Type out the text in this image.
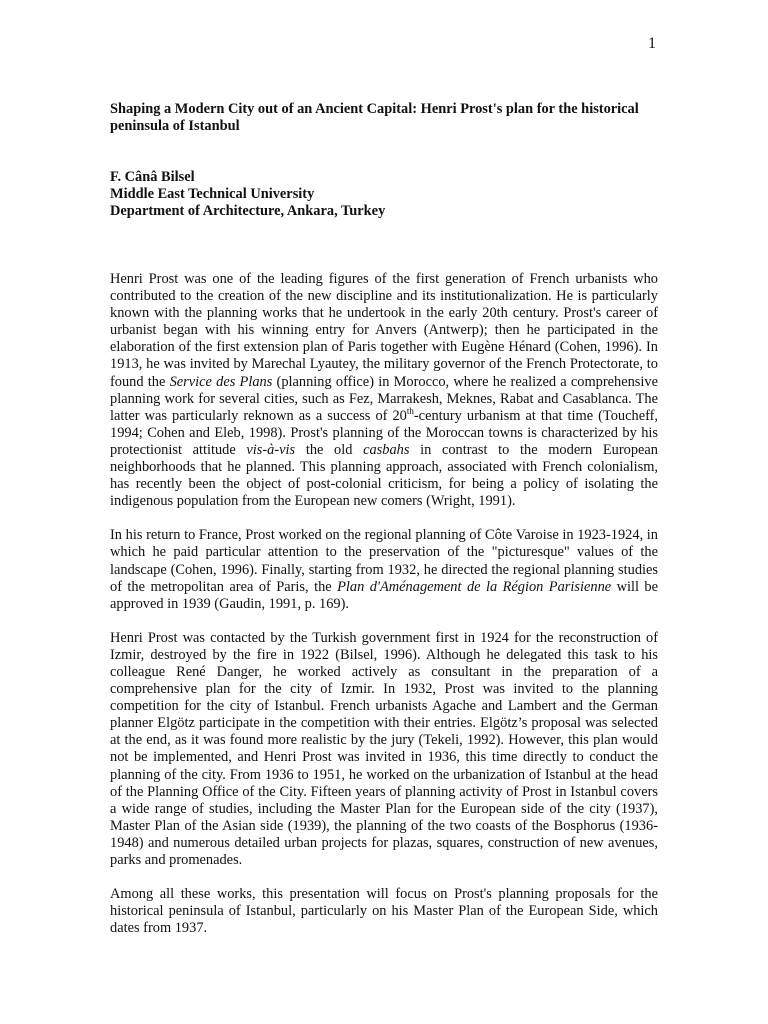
1

Shaping a Modern City out of an Ancient Capital: Henri Prost's plan for the historical peninsula of Istanbul

F. Cânâ Bilsel
Middle East Technical University
Department of Architecture, Ankara, Turkey

Henri Prost was one of the leading figures of the first generation of French urbanists who contributed to the creation of the new discipline and its institutionalization. He is particularly known with the planning works that he undertook in the early 20th century. Prost's career of urbanist began with his winning entry for Anvers (Antwerp); then he participated in the elaboration of the first extension plan of Paris together with Eugène Hénard (Cohen, 1996). In 1913, he was invited by Marechal Lyautey, the military governor of the French Protectorate, to found the Service des Plans (planning office) in Morocco, where he realized a comprehensive planning work for several cities, such as Fez, Marrakesh, Meknes, Rabat and Casablanca. The latter was particularly reknown as a success of 20th-century urbanism at that time (Toucheff, 1994; Cohen and Eleb, 1998). Prost's planning of the Moroccan towns is characterized by his protectionist attitude vis-à-vis the old casbahs in contrast to the modern European neighborhoods that he planned. This planning approach, associated with French colonialism, has recently been the object of post-colonial criticism, for being a policy of isolating the indigenous population from the European new comers (Wright, 1991).

In his return to France, Prost worked on the regional planning of Côte Varoise in 1923-1924, in which he paid particular attention to the preservation of the "picturesque" values of the landscape (Cohen, 1996). Finally, starting from 1932, he directed the regional planning studies of the metropolitan area of Paris, the Plan d'Aménagement de la Région Parisienne will be approved in 1939 (Gaudin, 1991, p. 169).

Henri Prost was contacted by the Turkish government first in 1924 for the reconstruction of Izmir, destroyed by the fire in 1922 (Bilsel, 1996). Although he delegated this task to his colleague René Danger, he worked actively as consultant in the preparation of a comprehensive plan for the city of Izmir. In 1932, Prost was invited to the planning competition for the city of Istanbul. French urbanists Agache and Lambert and the German planner Elgötz participate in the competition with their entries. Elgötz’s proposal was selected at the end, as it was found more realistic by the jury (Tekeli, 1992). However, this plan would not be implemented, and Henri Prost was invited in 1936, this time directly to conduct the planning of the city. From 1936 to 1951, he worked on the urbanization of Istanbul at the head of the Planning Office of the City. Fifteen years of planning activity of Prost in Istanbul covers a wide range of studies, including the Master Plan for the European side of the city (1937), Master Plan of the Asian side (1939), the planning of the two coasts of the Bosphorus (1936-1948) and numerous detailed urban projects for plazas, squares, construction of new avenues, parks and promenades.

Among all these works, this presentation will focus on Prost's planning proposals for the historical peninsula of Istanbul, particularly on his Master Plan of the European Side, which dates from 1937.
